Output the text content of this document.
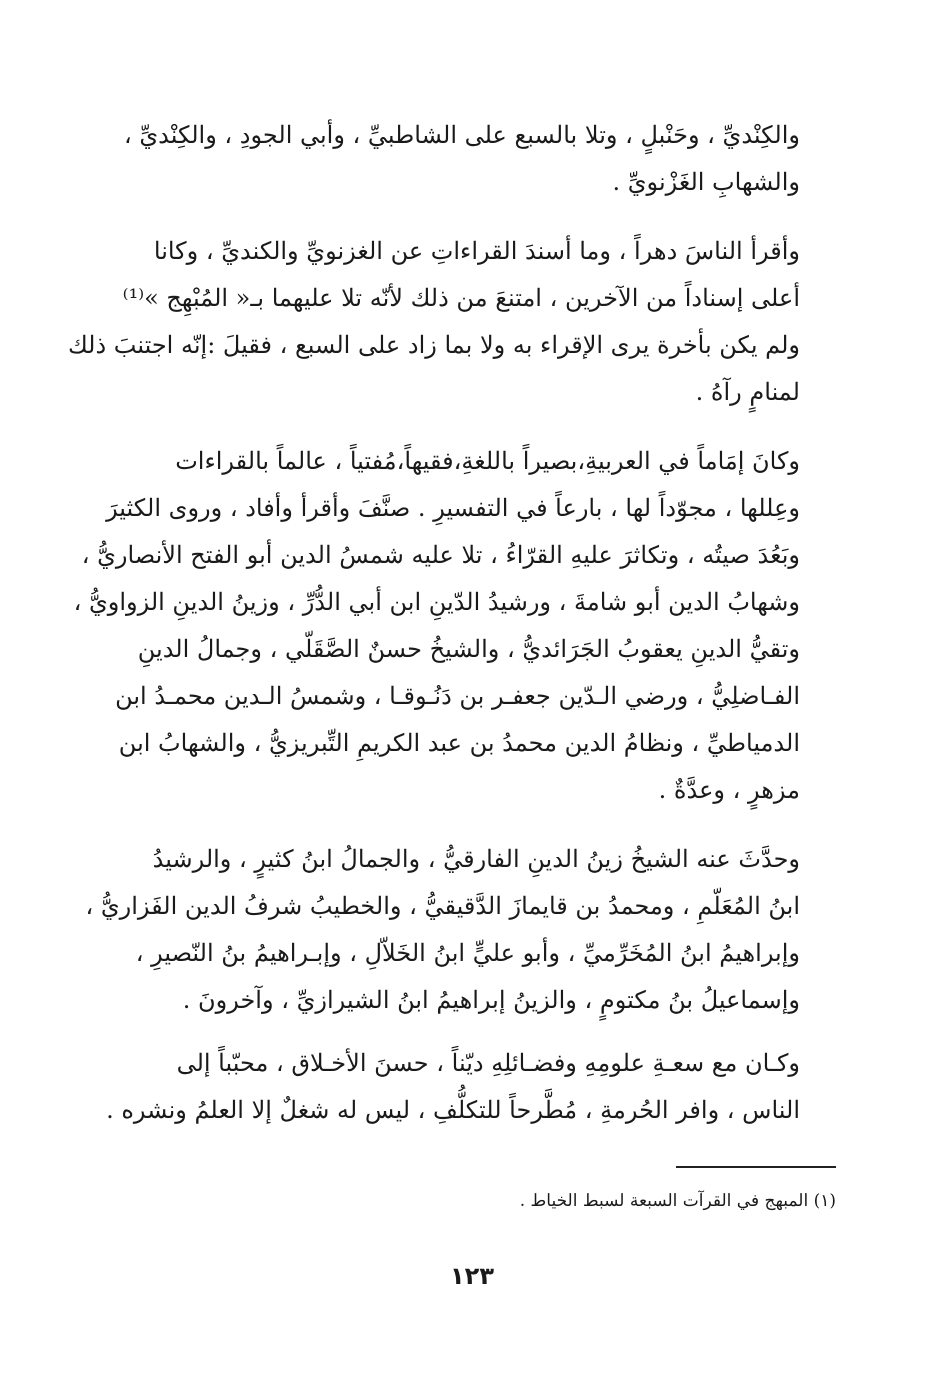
والكِنْديِّ ، وحَنْبلٍ ، وتلا بالسبع على الشاطبيِّ ، وأبي الجودِ ، والكِنْديِّ ،
والشهابِ الغَزْنويِّ .

وأقرأ الناسَ دهراً ، وما أسندَ القراءاتِ عن الغزنويِّ والكنديِّ ، وكانا
أعلى إسناداً من الآخرين ، امتنعَ من ذلك لأنّه تلا عليهما بـ« المُبْهِج »⁽¹⁾
ولم يكن بأخرة يرى الإقراء به ولا بما زاد على السبع ، فقيلَ :إنّه اجتنبَ ذلك
لمنامٍ رآهُ .

وكانَ إمَاماً في العربيةِ،بصيراً باللغةِ،فقيهاً،مُفتياً ، عالماً بالقراءات
وعِللها ، مجوّداً لها ، بارعاً في التفسيرِ . صنَّفَ وأقرأ وأفاد ، وروى الكثيرَ
وبَعُدَ صيتُه ، وتكاثرَ عليهِ القرّاءُ ، تلا عليه شمسُ الدين أبو الفتح الأنصاريُّ ،
وشهابُ الدين أبو شامةَ ، ورشيدُ الدّينِ ابن أبي الدُّرِّ ، وزينُ الدينِ الزواويُّ ،
وتقيُّ الدينِ يعقوبُ الجَرَائديُّ ، والشيخُ حسنٌ الصَّقَلّي ، وجمالُ الدينِ
الفـاضلِيُّ ، ورضي الـدّين جعفـر بن دَنُـوقـا ، وشمسُ الـدين محمـدُ ابن
الدمياطيِّ ، ونظامُ الدين محمدُ بن عبد الكريمِ التِّبريزيُّ ، والشهابُ ابن
مزهرٍ ، وعدَّةٌ .

وحدَّثَ عنه الشيخُ زينُ الدينِ الفارقيُّ ، والجمالُ ابنُ كثيرٍ ، والرشيدُ
ابنُ المُعَلّمِ ، ومحمدُ بن قايمازَ الدَّقيقيُّ ، والخطيبُ شرفُ الدين الفَزاريُّ ،
وإبراهيمُ ابنُ المُخَرِّميِّ ، وأبو عليٍّ ابنُ الخَلاّلِ ، وإبـراهيمُ بنُ النّصيرِ ،
وإسماعيلُ بنُ مكتومٍ ، والزينُ إبراهيمُ ابنُ الشيرازيِّ ، وآخرونَ .

وكـان مع سعـةِ علومِهِ وفضـائلِهِ ديّناً ، حسنَ الأخـلاق ، محبّباً إلى
الناس ، وافر الحُرمةِ ، مُطَّرحاً للتكلُّفِ ، ليس له شغلٌ إلا العلمُ ونشره .

(١) المبهج في القرآت السبعة لسبط الخياط .
١٢٣
